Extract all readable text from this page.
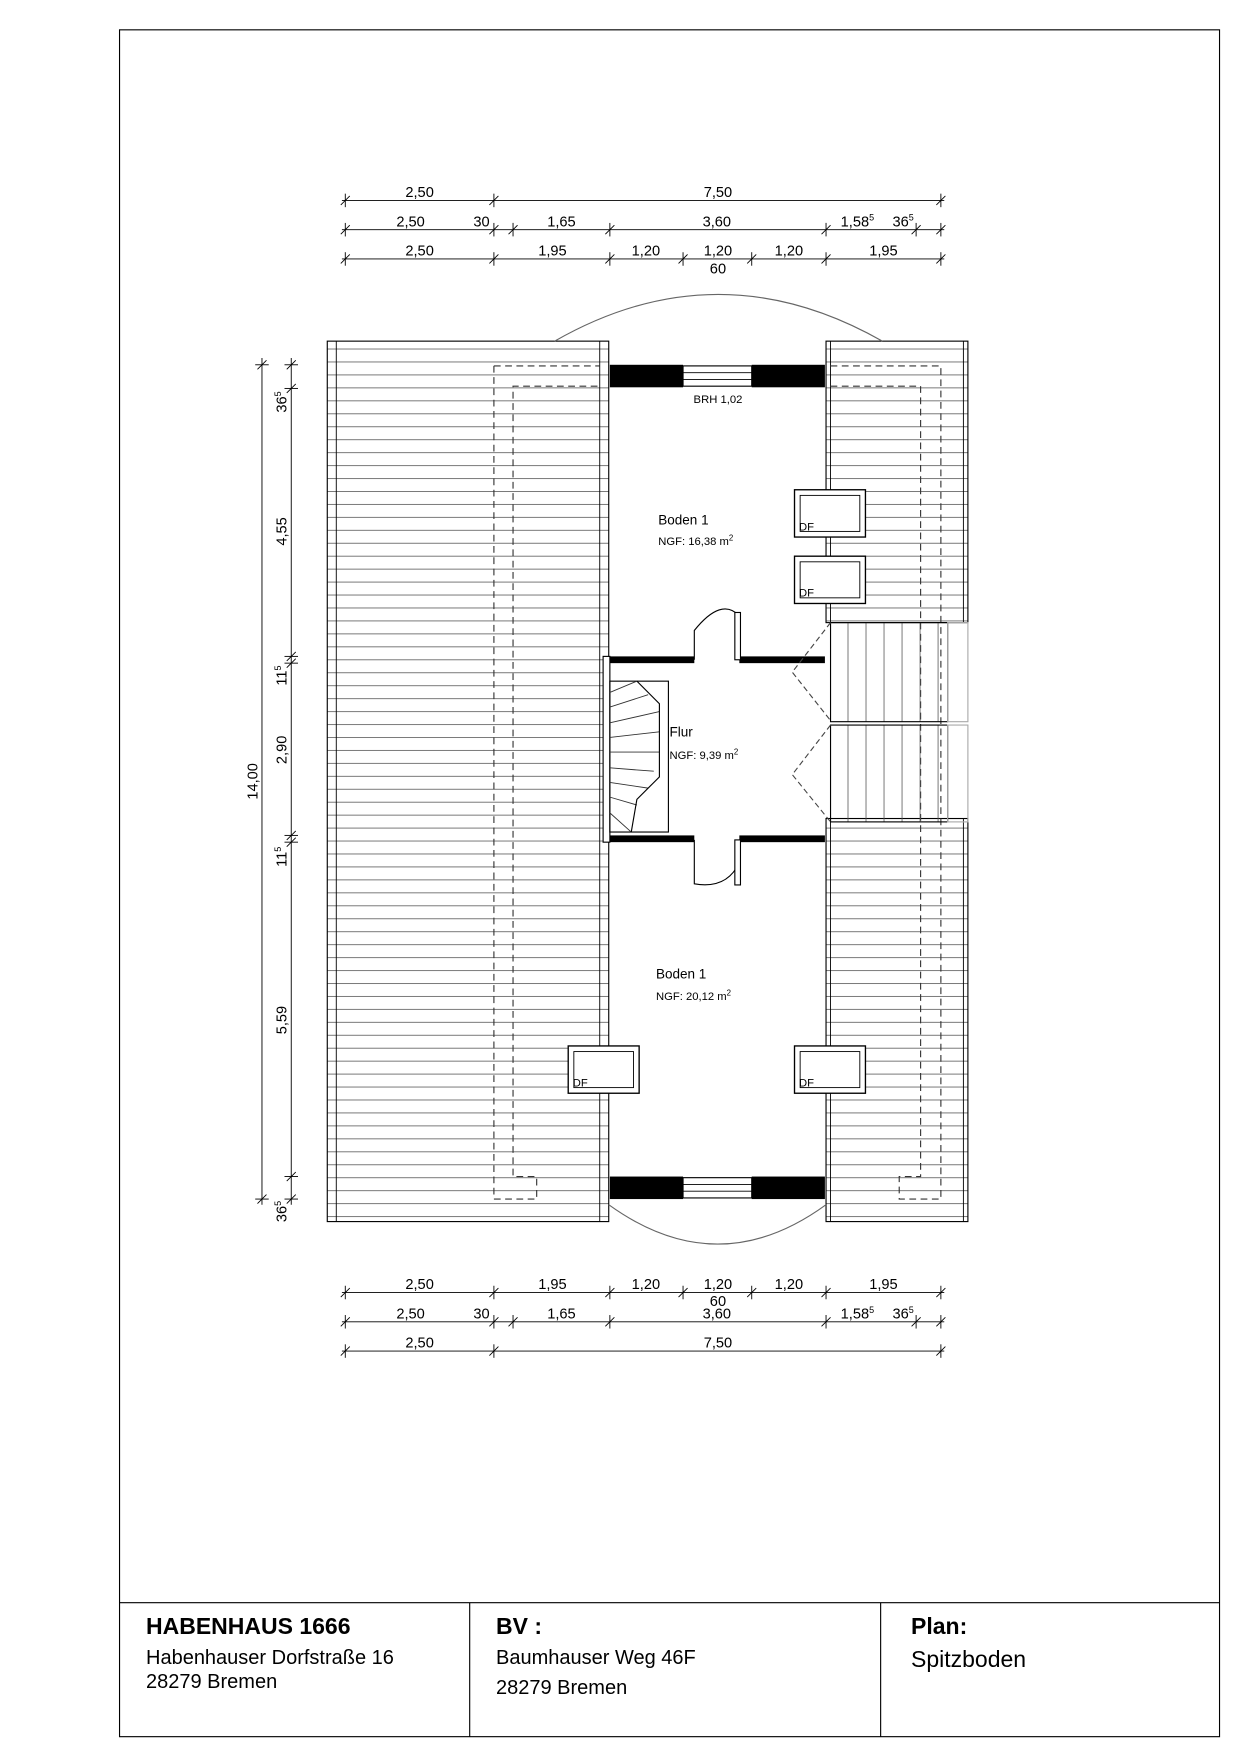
DF
DF
DF	DF
BRH 1,02
Boden 1
NGF: 16,38 $m^2$
Flur
NGF: 9,39 $m^2$
Boden 1
NGF: 20,12 $m^2$
2,50	7,50
2,50	30	1,65	3,60	1,58$^5$ $36^5$
2,50	1,95	1,20	1,20	1,20	1,95
60
2,50	1,95	1,20	1,20	1,20	1,95
60
2,50	30	1,65	3,60	1,58$^5$ $36^5$
2,50	7,50
14,00
$36^5$
4,55
$11^5$
2,90
$11^5$
5,59
$36^5$
HABENHAUS 1666
Habenhauser Dorfstraße 16
28279 Bremen
BV :
Baumhauser Weg 46F
28279 Bremen
Plan:
Spitzboden
